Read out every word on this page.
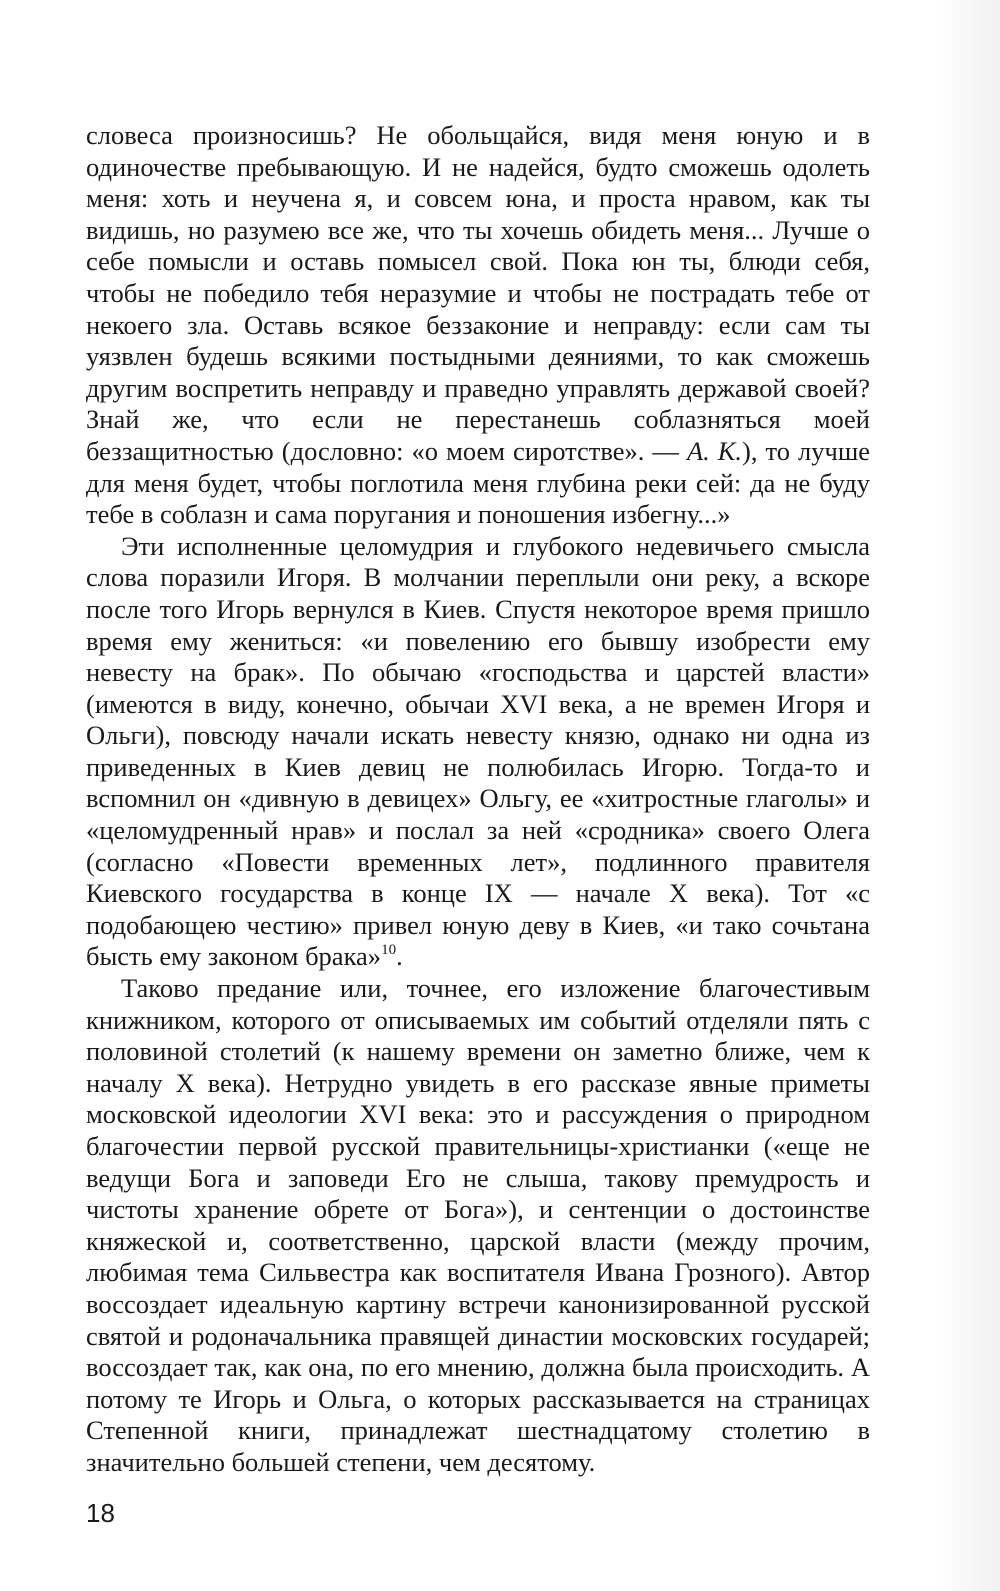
словеса произносишь? Не обольщайся, видя меня юную и в одиночестве пребывающую. И не надейся, будто сможешь одолеть меня: хоть и неучена я, и совсем юна, и проста нравом, как ты видишь, но разумею все же, что ты хочешь обидеть меня... Лучше о себе помысли и оставь помысел свой. Пока юн ты, блюди себя, чтобы не победило тебя неразумие и чтобы не пострадать тебе от некоего зла. Оставь всякое беззаконие и неправду: если сам ты уязвлен будешь всякими постыдными деяниями, то как сможешь другим воспретить неправду и праведно управлять державой своей? Знай же, что если не перестанешь соблазняться моей беззащитностью (дословно: «о моем сиротстве». — А. К.), то лучше для меня будет, чтобы поглотила меня глубина реки сей: да не буду тебе в соблазн и сама поругания и поношения избегну...»

Эти исполненные целомудрия и глубокого недевичьего смысла слова поразили Игоря. В молчании переплыли они реку, а вскоре после того Игорь вернулся в Киев. Спустя некоторое время пришло время ему жениться: «и повелению его бывшу изобрести ему невесту на брак». По обычаю «господьства и царстей власти» (имеются в виду, конечно, обычаи XVI века, а не времен Игоря и Ольги), повсюду начали искать невесту князю, однако ни одна из приведенных в Киев девиц не полюбилась Игорю. Тогда-то и вспомнил он «дивную в девицех» Ольгу, ее «хитростные глаголы» и «целомудренный нрав» и послал за ней «сродника» своего Олега (согласно «Повести временных лет», подлинного правителя Киевского государства в конце IX — начале X века). Тот «с подобающею честию» привел юную деву в Киев, «и тако сочьтана бысть ему законом брака»$^{10}$.

Таково предание или, точнее, его изложение благочестивым книжником, которого от описываемых им событий отделяли пять с половиной столетий (к нашему времени он заметно ближе, чем к началу X века). Нетрудно увидеть в его рассказе явные приметы московской идеологии XVI века: это и рассуждения о природном благочестии первой русской правительницы-христианки («еще не ведущи Бога и заповеди Его не слыша, такову премудрость и чистоты хранение обрете от Бога»), и сентенции о достоинстве княжеской и, соответственно, царской власти (между прочим, любимая тема Сильвестра как воспитателя Ивана Грозного). Автор воссоздает идеальную картину встречи канонизированной русской святой и родоначальника правящей династии московских государей; воссоздает так, как она, по его мнению, должна была происходить. А потому те Игорь и Ольга, о которых рассказывается на страницах Степенной книги, принадлежат шестнадцатому столетию в значительно большей степени, чем десятому.

18
